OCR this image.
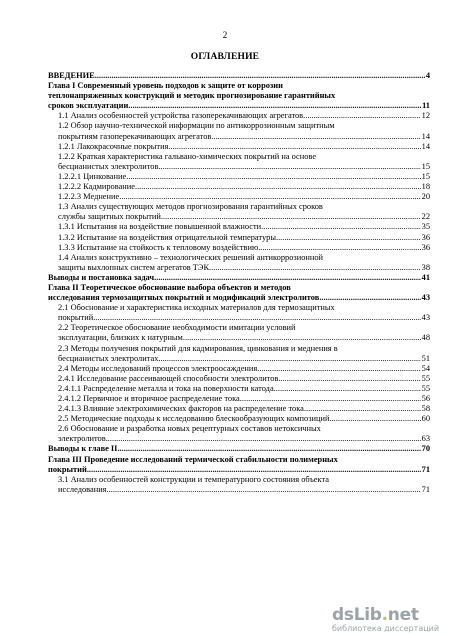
2
ОГЛАВЛЕНИЕ
ВВЕДЕНИЕ .....	4
Глава I Современный уровень подходов к защите от коррозии
теплонапряженных конструкций и методик прогнозирование гарантийных
сроков эксплуатации .....	11
1.1 Анализ особенностей устройства газоперекачивающих агрегатов .....	12
1.2 Обзор научно-технической информации по антикоррозионным защитным
покрытиям газоперекачивающих агрегатов .....	14
1.2.1 Лакокрасочные покрытия .....	14
1.2.2 Краткая характеристика гальвано-химических покрытий на основе
бесцианистых электролитов .....	15
1.2.2.1 Цинкование .....	15
1.2.2.2 Кадмирование .....	18
1.2.2.3 Меднение .....	20
1.3 Анализ существующих методов прогнозирования гарантийных сроков
службы защитных покрытий .....	22
1.3.1 Испытания на воздействие повышенной влажности .....	35
1.3.2 Испытание на воздействия отрицательной температуры .....	36
1.3.3 Испытание на стойкость к тепловому воздействию .....	36
1.4 Анализ конструктивно – технологических решений антикоррозионной
защиты выхлопных систем агрегатов ТЭК .....	38
Выводы и постановка задач .....	41
Глава II Теоретическое обоснование выбора объектов и методов
исследования термозащитных покрытий и модификаций электролитов .....	43
2.1 Обоснование и характеристика исходных материалов для термозащитных
покрытий .....	43
2.2 Теоретическое обоснование необходимости имитации условий
эксплуатации, близких к натурным .....	48
2.3 Методы получения покрытий для кадмирования, цинкования и меднения в
бесцианистых электролитах .....	51
2.4 Методы исследований процессов электроосаждения .....	54
2.4.1 Исследование рассеивающей способности электролитов .....	55
2.4.1.1 Распределение металла и тока на поверхности катода .....	55
2.4.1.2 Первичное и вторичное распределение тока .....	56
2.4.1.3 Влияние электрохимических факторов на распределение тока .....	58
2.5 Методические подходы к исследованию блескообразующих композиций .....	60
2.6 Обоснование и разработка новых рецептурных составов нетоксичных
электролитов .....	63
Выводы к главе II .....	70
Глава III Проведение исследований термической стабильности полимерных
покрытий .....	71
3.1 Анализ особенностей конструкции и температурного состояния объекта
исследования .....	71
dsLib.net
библиотека диссертаций
